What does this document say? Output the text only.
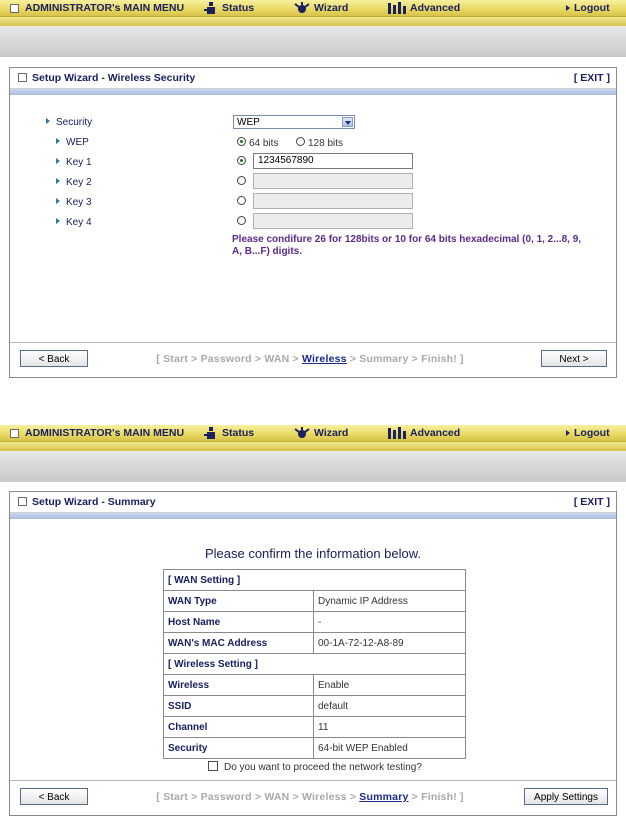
ADMINISTRATOR's MAIN MENU	Status	Wizard	Advanced	Logout
Setup Wizard - Wireless Security	[ EXIT ]
Security	WEP
WEP	64 bits	128 bits
Key 1	1234567890
Key 2
Key 3
Key 4
Please condifure 26 for 128bits or 10 for 64 bits hexadecimal (0, 1, 2...8, 9, A, B...F) digits.
< Back	[ Start > Password > WAN > Wireless > Summary > Finish! ]	Next >
ADMINISTRATOR's MAIN MENU	Status	Wizard	Advanced	Logout
Setup Wizard - Summary	[ EXIT ]
Please confirm the information below.
[ WAN Setting ]	
WAN Type	Dynamic IP Address
Host Name	-
WAN's MAC Address	00-1A-72-12-A8-89
[ Wireless Setting ]	
Wireless	Enable
SSID	default
Channel	11
Security	64-bit WEP Enabled
Do you want to proceed the network testing?
< Back	[ Start > Password > WAN > Wireless > Summary > Finish! ]	Apply Settings
